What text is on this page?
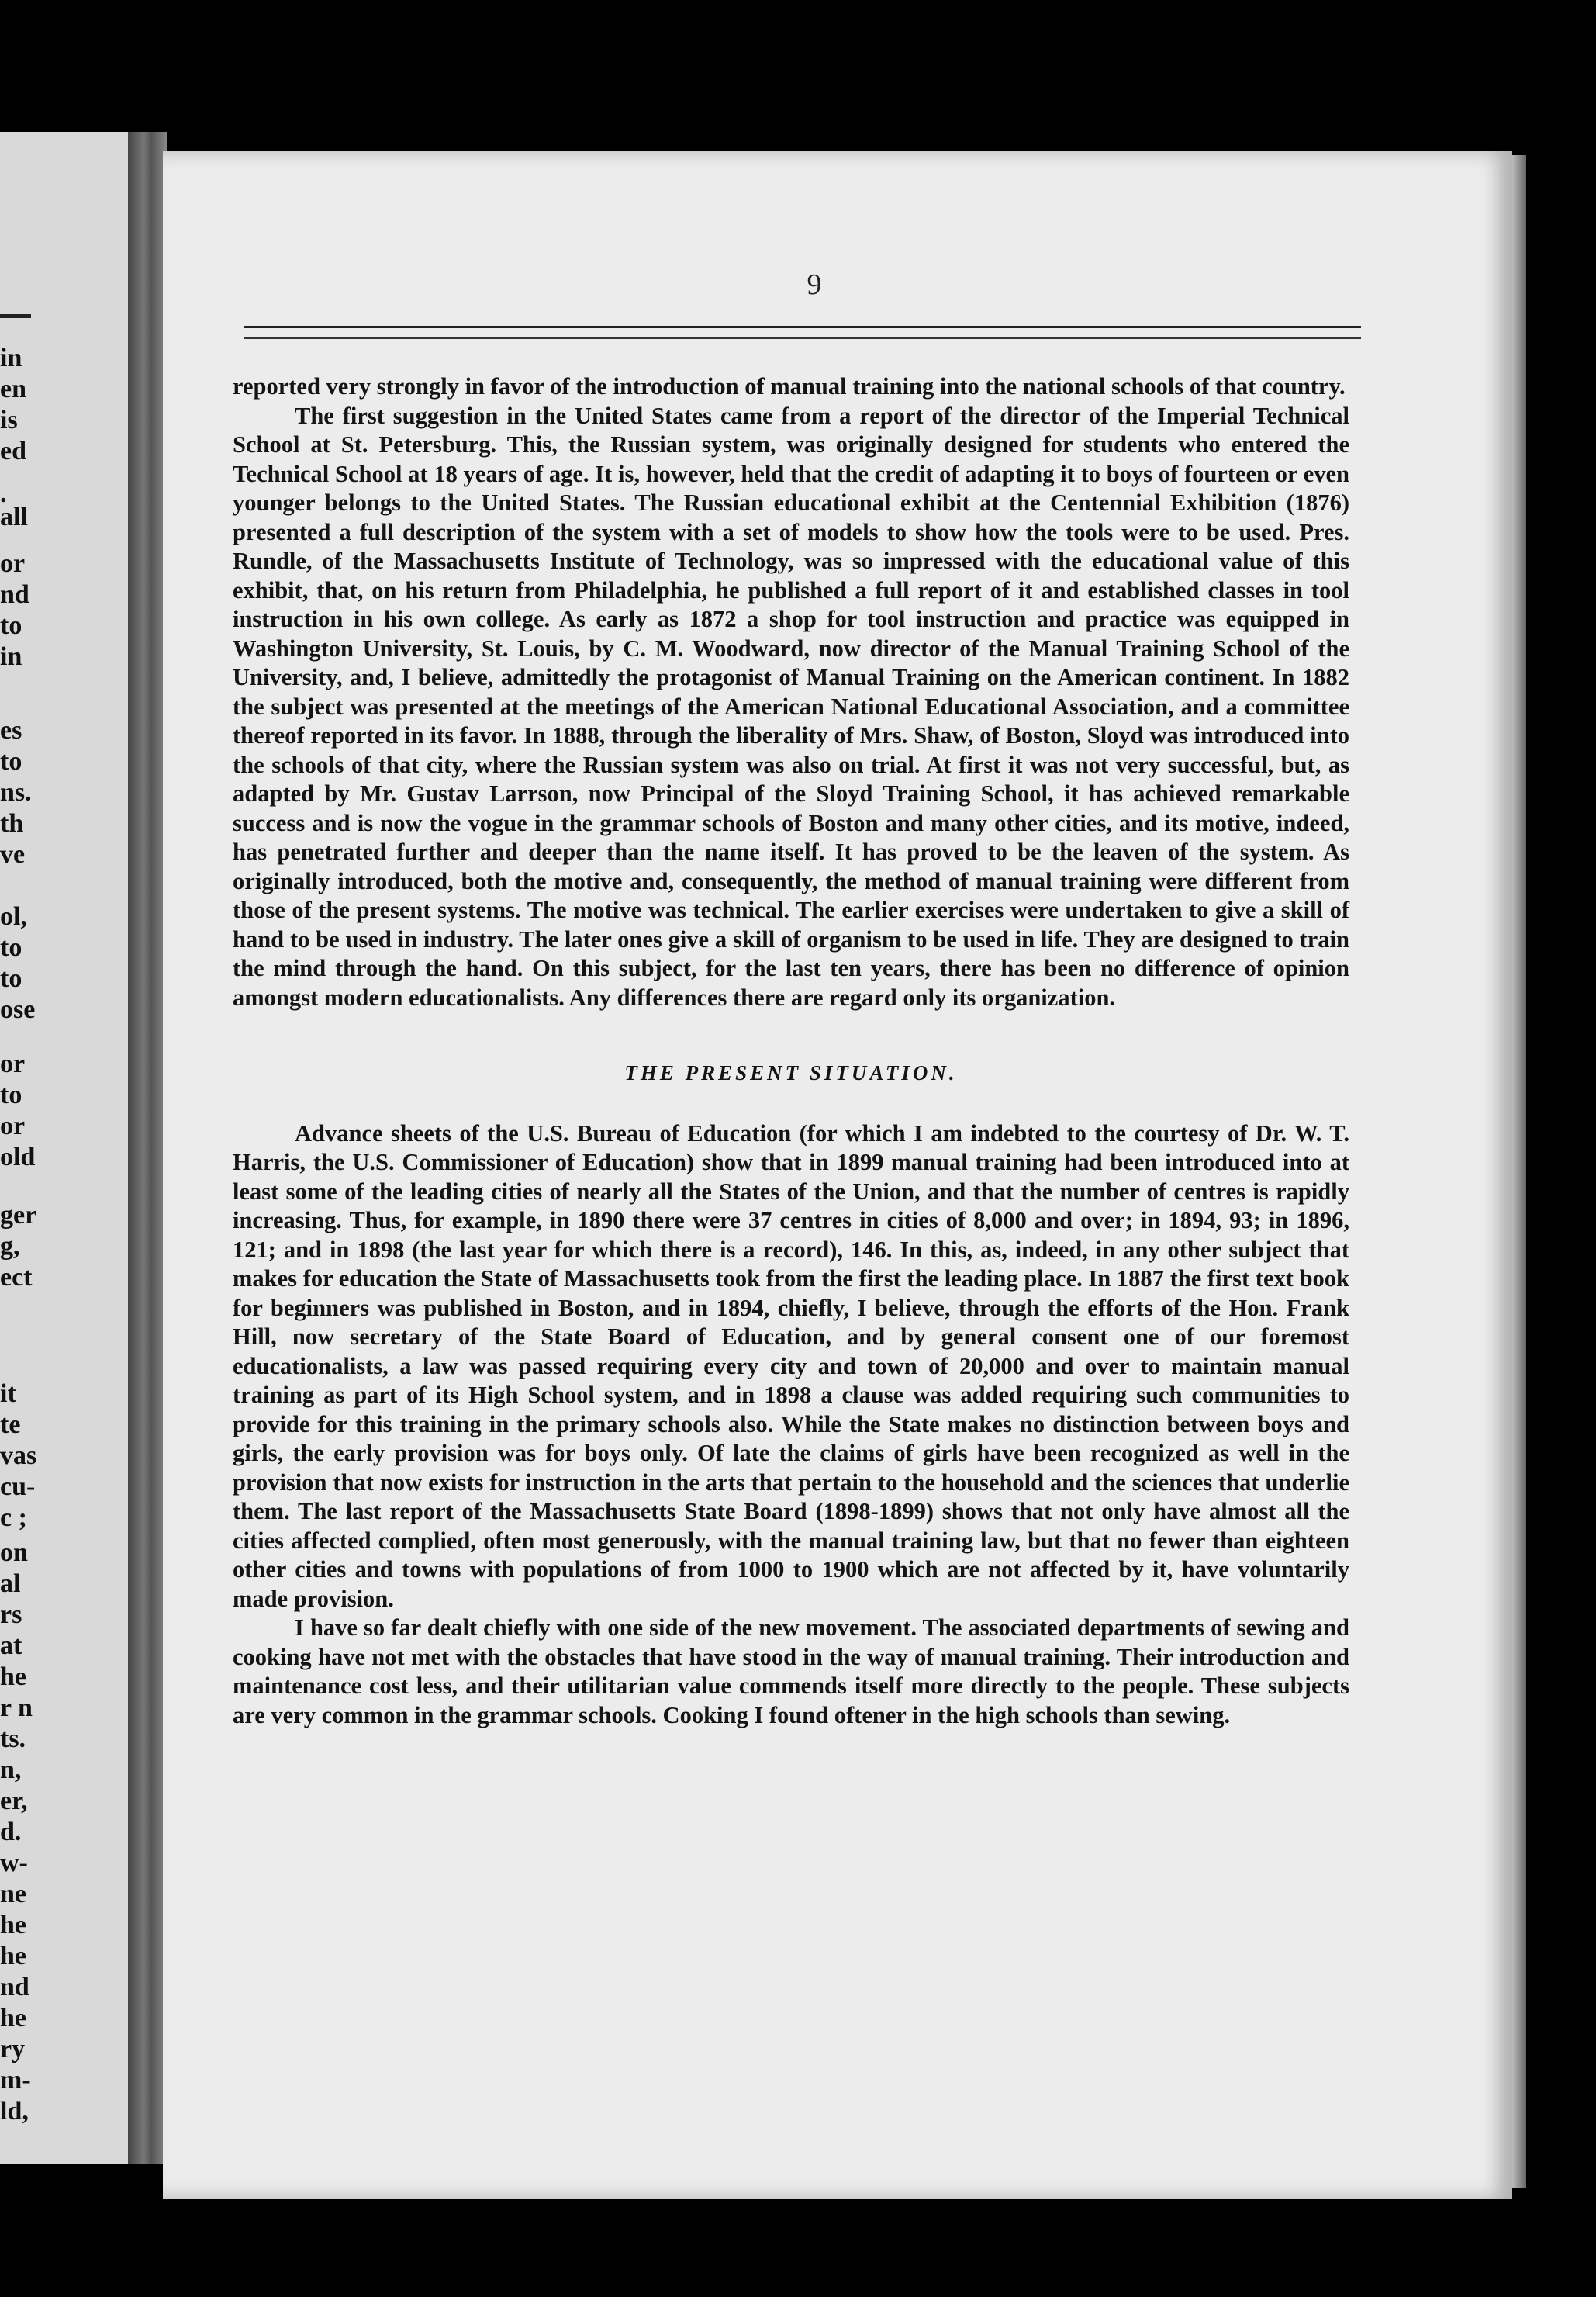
in
en
is
ed
.
all
or
nd
to
in
es
to
ns.
th
ve
ol,
to
to
ose
or
to
or
old
ger
g,
ect
it
te
vas
cu-
c ;
on
al
rs
at
he
r n
ts.
n,
er,
d.
w-
ne
he
he
nd
he
ry
m-
ld,
9

reported very strongly in favor of the introduction of manual training into the national schools of that country.

The first suggestion in the United States came from a report of the director of the Imperial Technical School at St. Petersburg. This, the Russian system, was originally designed for students who entered the Technical School at 18 years of age. It is, however, held that the credit of adapting it to boys of fourteen or even younger belongs to the United States. The Russian educational exhibit at the Centennial Exhibition (1876) presented a full description of the system with a set of models to show how the tools were to be used. Pres. Rundle, of the Massachusetts Institute of Technology, was so impressed with the educational value of this exhibit, that, on his return from Philadelphia, he published a full report of it and established classes in tool instruction in his own college. As early as 1872 a shop for tool instruction and practice was equipped in Washington University, St. Louis, by C. M. Woodward, now director of the Manual Training School of the University, and, I believe, admittedly the protagonist of Manual Training on the American continent. In 1882 the subject was presented at the meetings of the American National Educational Association, and a committee thereof reported in its favor. In 1888, through the liberality of Mrs. Shaw, of Boston, Sloyd was introduced into the schools of that city, where the Russian system was also on trial. At first it was not very successful, but, as adapted by Mr. Gustav Larrson, now Principal of the Sloyd Training School, it has achieved remarkable success and is now the vogue in the grammar schools of Boston and many other cities, and its motive, indeed, has penetrated further and deeper than the name itself. It has proved to be the leaven of the system. As originally introduced, both the motive and, consequently, the method of manual training were different from those of the present systems. The motive was technical. The earlier exercises were undertaken to give a skill of hand to be used in industry. The later ones give a skill of organism to be used in life. They are designed to train the mind through the hand. On this subject, for the last ten years, there has been no difference of opinion amongst modern educationalists. Any differences there are regard only its organization.

THE PRESENT SITUATION.

Advance sheets of the U.S. Bureau of Education (for which I am indebted to the courtesy of Dr. W. T. Harris, the U.S. Commissioner of Education) show that in 1899 manual training had been introduced into at least some of the leading cities of nearly all the States of the Union, and that the number of centres is rapidly increasing. Thus, for example, in 1890 there were 37 centres in cities of 8,000 and over; in 1894, 93; in 1896, 121; and in 1898 (the last year for which there is a record), 146. In this, as, indeed, in any other subject that makes for education the State of Massachusetts took from the first the leading place. In 1887 the first text book for beginners was published in Boston, and in 1894, chiefly, I believe, through the efforts of the Hon. Frank Hill, now secretary of the State Board of Education, and by general consent one of our foremost educationalists, a law was passed requiring every city and town of 20,000 and over to maintain manual training as part of its High School system, and in 1898 a clause was added requiring such communities to provide for this training in the primary schools also. While the State makes no distinction between boys and girls, the early provision was for boys only. Of late the claims of girls have been recognized as well in the provision that now exists for instruction in the arts that pertain to the household and the sciences that underlie them. The last report of the Massachusetts State Board (1898-1899) shows that not only have almost all the cities affected complied, often most generously, with the manual training law, but that no fewer than eighteen other cities and towns with populations of from 1000 to 1900 which are not affected by it, have voluntarily made provision.

I have so far dealt chiefly with one side of the new movement. The associated departments of sewing and cooking have not met with the obstacles that have stood in the way of manual training. Their introduction and maintenance cost less, and their utilitarian value commends itself more directly to the people. These subjects are very common in the grammar schools. Cooking I found oftener in the high schools than sewing.
